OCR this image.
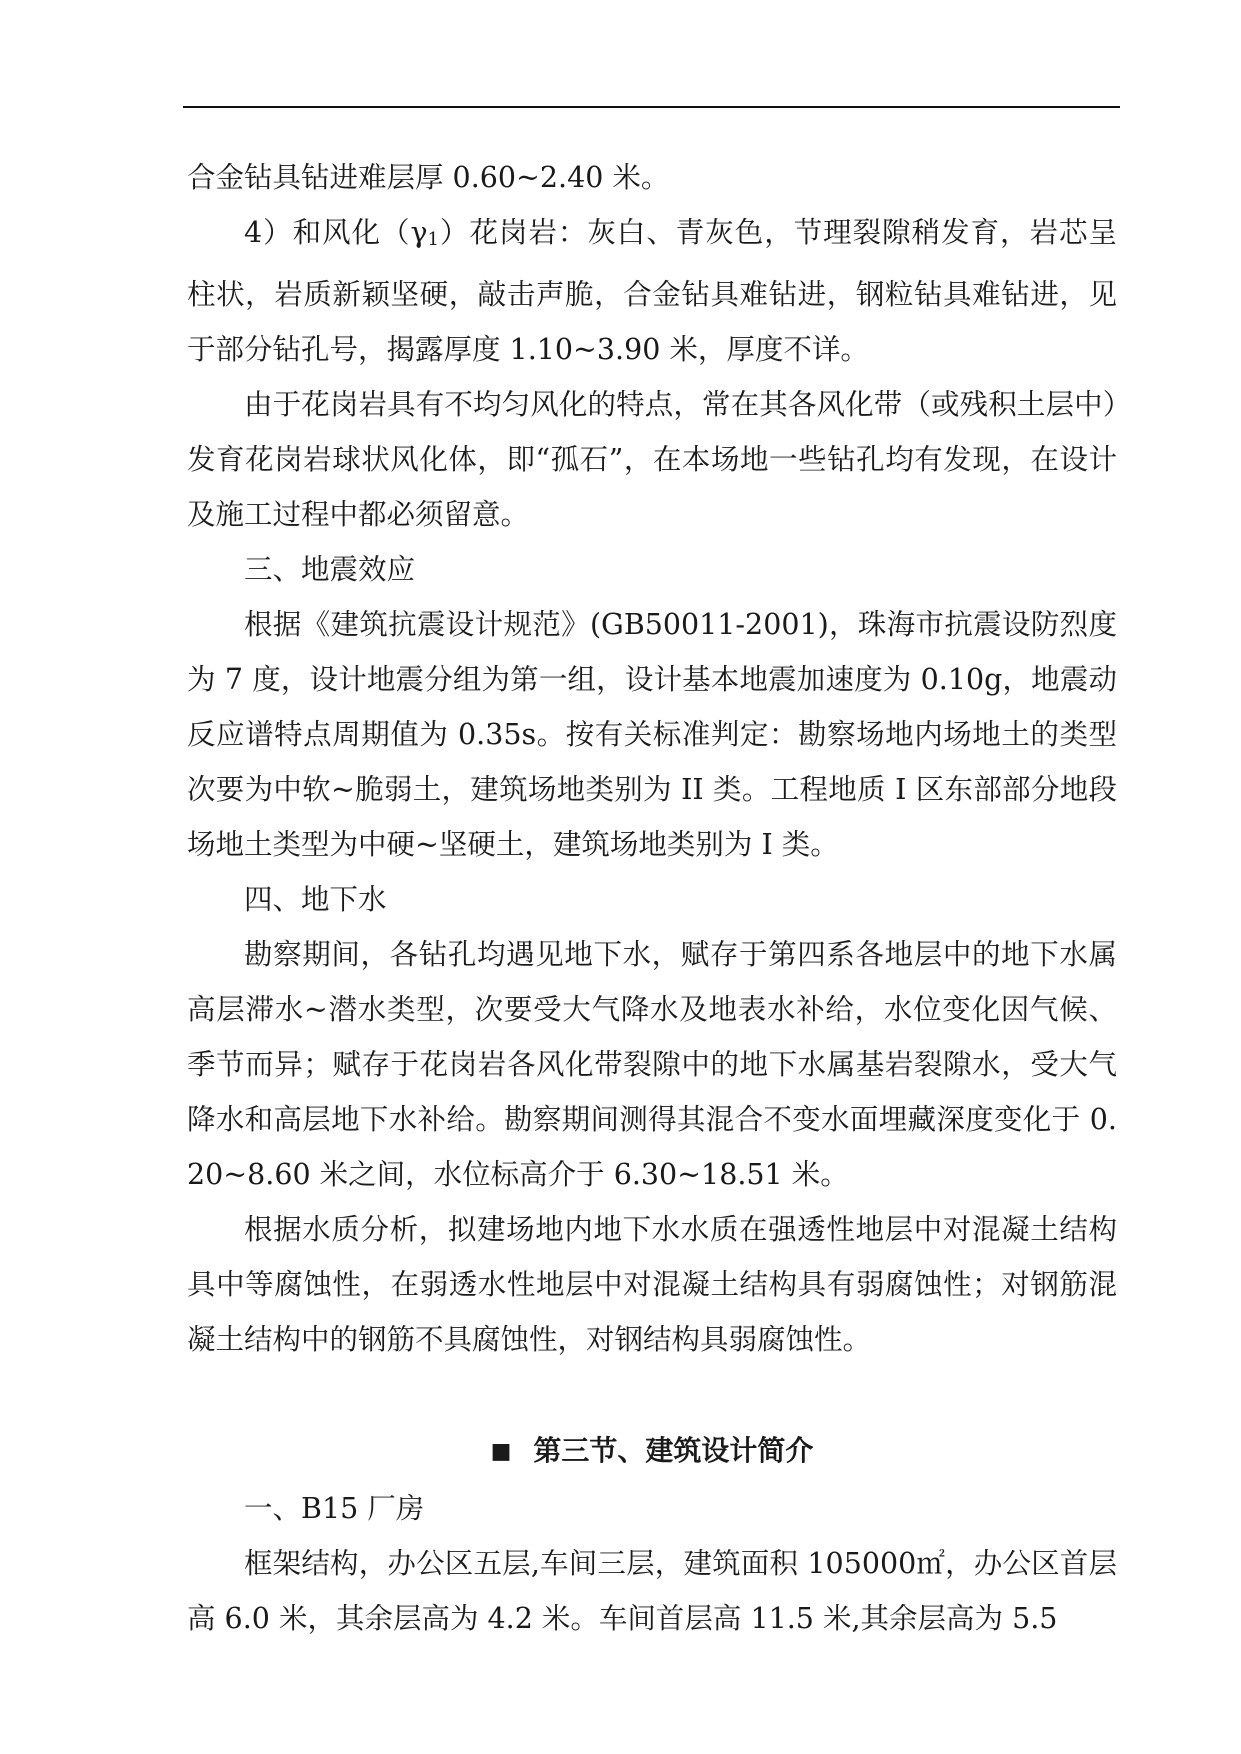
合金钻具钻进难层厚 0.60~2.40 米。

4）和风化$(\gamma_1)$花岗岩：灰白、青灰色，节理裂隙稍发育，岩芯呈柱状，岩质新颖坚硬，敲击声脆，合金钻具难钻进，钢粒钻具难钻进，见于部分钻孔号，揭露厚度 1.10~3.90 米，厚度不详。

由于花岗岩具有不均匀风化的特点，常在其各风化带（或残积土层中）发育花岗岩球状风化体，即“孤石”，在本场地一些钻孔均有发现，在设计及施工过程中都必须留意。

三、地震效应

根据《建筑抗震设计规范》(GB50011-2001)，珠海市抗震设防烈度为 7 度，设计地震分组为第一组，设计基本地震加速度为 0.10g，地震动反应谱特点周期值为 0.35s。按有关标准判定：勘察场地内场地土的类型次要为中软~脆弱土，建筑场地类别为 II 类。工程地质 I 区东部部分地段场地土类型为中硬~坚硬土，建筑场地类别为 I 类。

四、地下水

勘察期间，各钻孔均遇见地下水，赋存于第四系各地层中的地下水属高层滞水~潜水类型，次要受大气降水及地表水补给，水位变化因气候、季节而异；赋存于花岗岩各风化带裂隙中的地下水属基岩裂隙水，受大气降水和高层地下水补给。勘察期间测得其混合不变水面埋藏深度变化于 0.20~8.60 米之间，水位标高介于 6.30~18.51 米。

根据水质分析，拟建场地内地下水水质在强透性地层中对混凝土结构具中等腐蚀性，在弱透水性地层中对混凝土结构具有弱腐蚀性；对钢筋混凝土结构中的钢筋不具腐蚀性，对钢结构具弱腐蚀性。

■ 第三节、建筑设计简介

一、B15 厂房

框架结构，办公区五层,车间三层，建筑面积 105000㎡，办公区首层高 6.0 米，其余层高为 4.2 米。车间首层高 11.5 米,其余层高为 5.5
